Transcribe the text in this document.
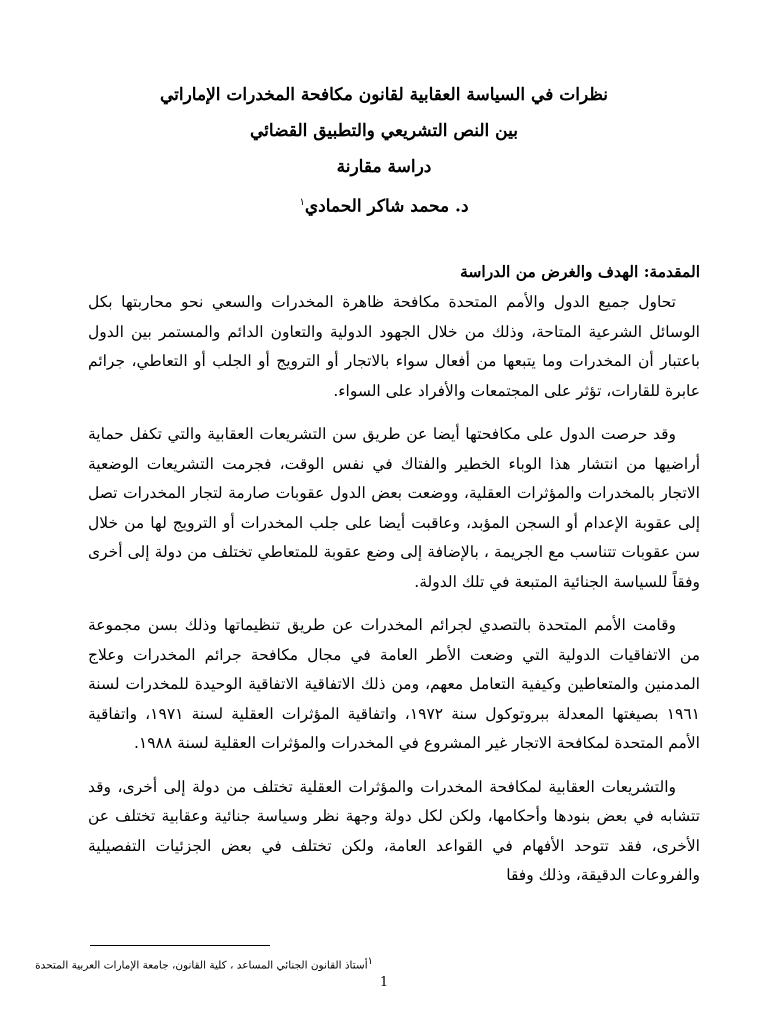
نظرات في السياسة العقابية لقانون مكافحة المخدرات الإماراتي
بين النص التشريعي والتطبيق القضائي
دراسة مقارنة
د. محمد شاكر الحمادي$^١$
المقدمة: الهدف والغرض من الدراسة

تحاول جميع الدول والأمم المتحدة مكافحة ظاهرة المخدرات والسعي نحو محاربتها بكل الوسائل الشرعية المتاحة، وذلك من خلال الجهود الدولية والتعاون الدائم والمستمر بين الدول باعتبار أن المخدرات وما يتبعها من أفعال سواء بالاتجار أو الترويج أو الجلب أو التعاطي، جرائم عابرة للقارات، تؤثر على المجتمعات والأفراد على السواء.

وقد حرصت الدول على مكافحتها أيضا عن طريق سن التشريعات العقابية والتي تكفل حماية أراضيها من انتشار هذا الوباء الخطير والفتاك في نفس الوقت، فجرمت التشريعات الوضعية الاتجار بالمخدرات والمؤثرات العقلية، ووضعت بعض الدول عقوبات صارمة لتجار المخدرات تصل إلى عقوبة الإعدام أو السجن المؤبد، وعاقبت أيضا على جلب المخدرات أو الترويج لها من خلال سن عقوبات تتناسب مع الجريمة ، بالإضافة إلى وضع عقوبة للمتعاطي تختلف من دولة إلى أخرى وفقاً للسياسة الجنائية المتبعة في تلك الدولة.

وقامت الأمم المتحدة بالتصدي لجرائم المخدرات عن طريق تنظيماتها وذلك بسن مجموعة من الاتفاقيات الدولية التي وضعت الأطر العامة في مجال مكافحة جرائم المخدرات وعلاج المدمنين والمتعاطين وكيفية التعامل معهم، ومن ذلك الاتفاقية الاتفاقية الوحيدة للمخدرات لسنة ١٩٦١ بصيغتها المعدلة ببروتوكول سنة ١٩٧٢، واتفاقية المؤثرات العقلية لسنة ١٩٧١، واتفاقية الأمم المتحدة لمكافحة الاتجار غير المشروع في المخدرات والمؤثرات العقلية لسنة ١٩٨٨.

والتشريعات العقابية لمكافحة المخدرات والمؤثرات العقلية تختلف من دولة إلى أخرى، وقد تتشابه في بعض بنودها وأحكامها، ولكن لكل دولة وجهة نظر وسياسة جنائية وعقابية تختلف عن الأخرى، فقد تتوحد الأفهام في القواعد العامة، ولكن تختلف في بعض الجزئيات التفصيلية والفروعات الدقيقة، وذلك وفقا

$^١$أستاذ القانون الجنائي المساعد ، كلية القانون، جامعة الإمارات العربية المتحدة
1
